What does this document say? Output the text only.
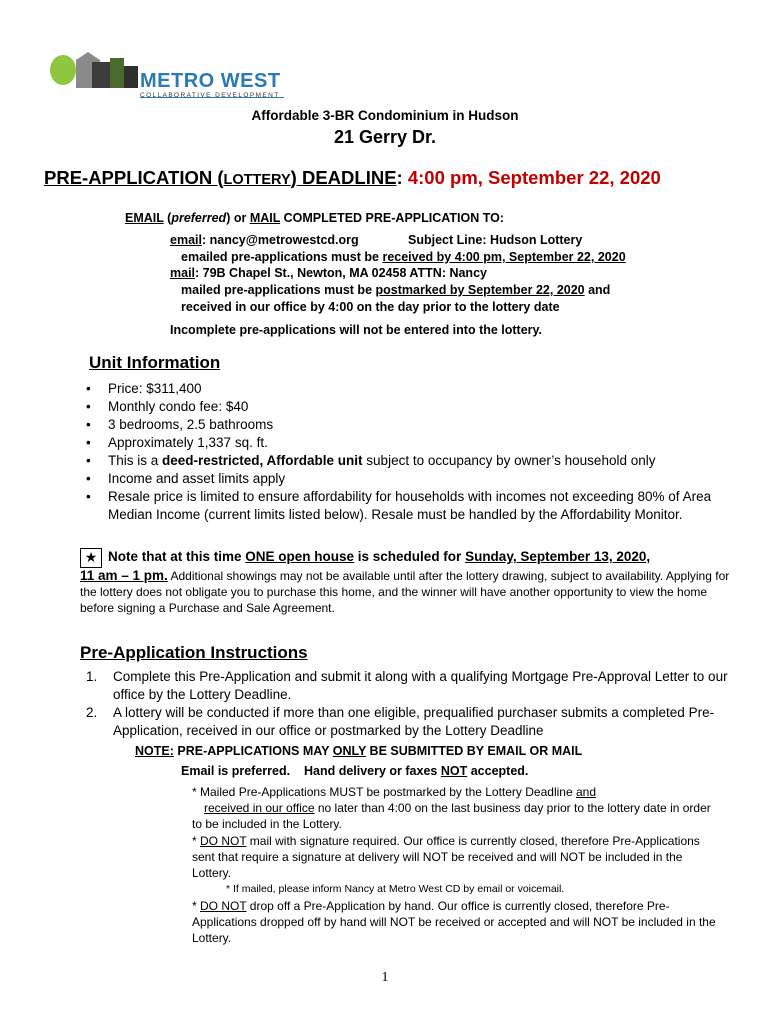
METRO WEST
COLLABORATIVE DEVELOPMENT
Affordable 3-BR Condominium in Hudson
21 Gerry Dr.
PRE-APPLICATION (LOTTERY) DEADLINE: 4:00 pm, September 22, 2020
EMAIL (preferred) or MAIL COMPLETED PRE-APPLICATION TO:
email: nancy@metrowestcd.org	Subject Line: Hudson Lottery
emailed pre-applications must be received by 4:00 pm, September 22, 2020
mail: 79B Chapel St., Newton, MA 02458 ATTN: Nancy
mailed pre-applications must be postmarked by September 22, 2020 and
received in our office by 4:00 on the day prior to the lottery date
Incomplete pre-applications will not be entered into the lottery.
Unit Information
• Price: $311,400
• Monthly condo fee: $40
• 3 bedrooms, 2.5 bathrooms
• Approximately 1,337 sq. ft.
• This is a deed-restricted, Affordable unit subject to occupancy by owner’s household only
• Income and asset limits apply
• Resale price is limited to ensure affordability for households with incomes not exceeding 80% of Area Median Income (current limits listed below). Resale must be handled by the Affordability Monitor.
★ Note that at this time ONE open house is scheduled for Sunday, September 13, 2020,
11 am – 1 pm. Additional showings may not be available until after the lottery drawing, subject to availability. Applying for the lottery does not obligate you to purchase this home, and the winner will have another opportunity to view the home before signing a Purchase and Sale Agreement.
Pre-Application Instructions
1. Complete this Pre-Application and submit it along with a qualifying Mortgage Pre-Approval Letter to our office by the Lottery Deadline.
2. A lottery will be conducted if more than one eligible, prequalified purchaser submits a completed Pre-Application, received in our office or postmarked by the Lottery Deadline
NOTE: PRE-APPLICATIONS MAY ONLY BE SUBMITTED BY EMAIL OR MAIL
Email is preferred.    Hand delivery or faxes NOT accepted.
* Mailed Pre-Applications MUST be postmarked by the Lottery Deadline and
received in our office no later than 4:00 on the last business day prior to the lottery date in order to be included in the Lottery.
* DO NOT mail with signature required. Our office is currently closed, therefore Pre-Applications sent that require a signature at delivery will NOT be received and will NOT be included in the Lottery.
* If mailed, please inform Nancy at Metro West CD by email or voicemail.
* DO NOT drop off a Pre-Application by hand. Our office is currently closed, therefore Pre-Applications dropped off by hand will NOT be received or accepted and will NOT be included in the Lottery.
1
